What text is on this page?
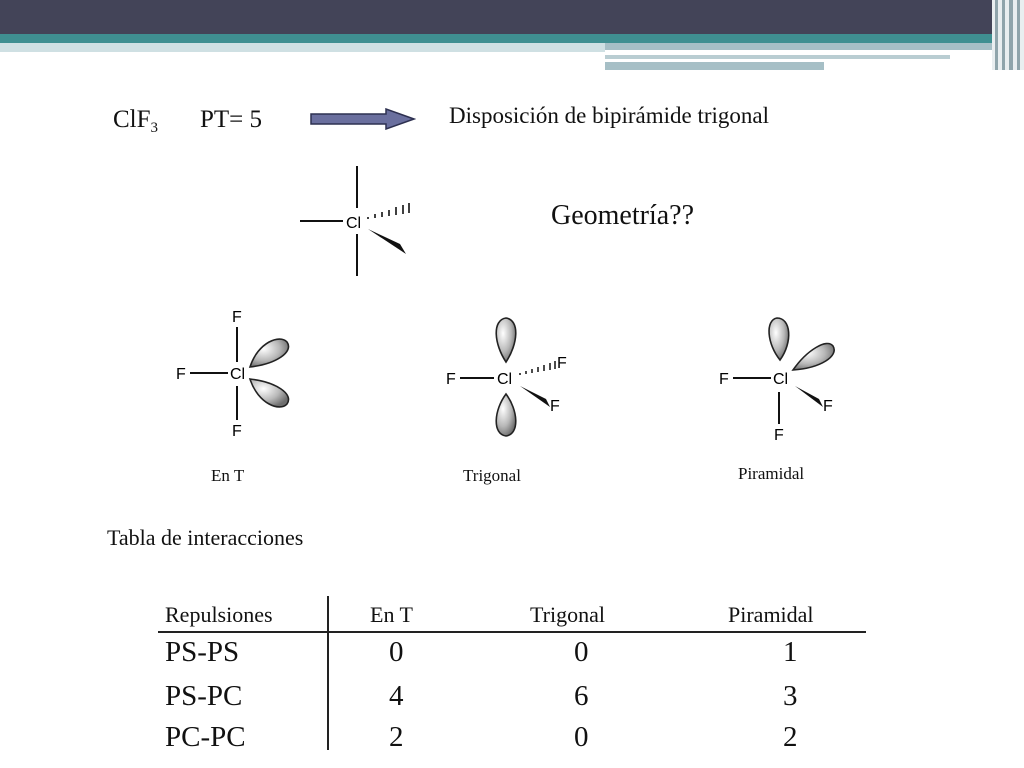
ClF$_3$ PT= 5	Disposición de bipirámide trigonal
Cl	Geometría??
F
F	Cl
F
En T
F	Cl
F
F
Trigonal
F	Cl
F
F
Piramidal
Tabla de interacciones
Repulsiones	En T	Trigonal	Piramidal
PS-PS	0	0	1
PS-PC	4	6	3
PC-PC	2	0	2
